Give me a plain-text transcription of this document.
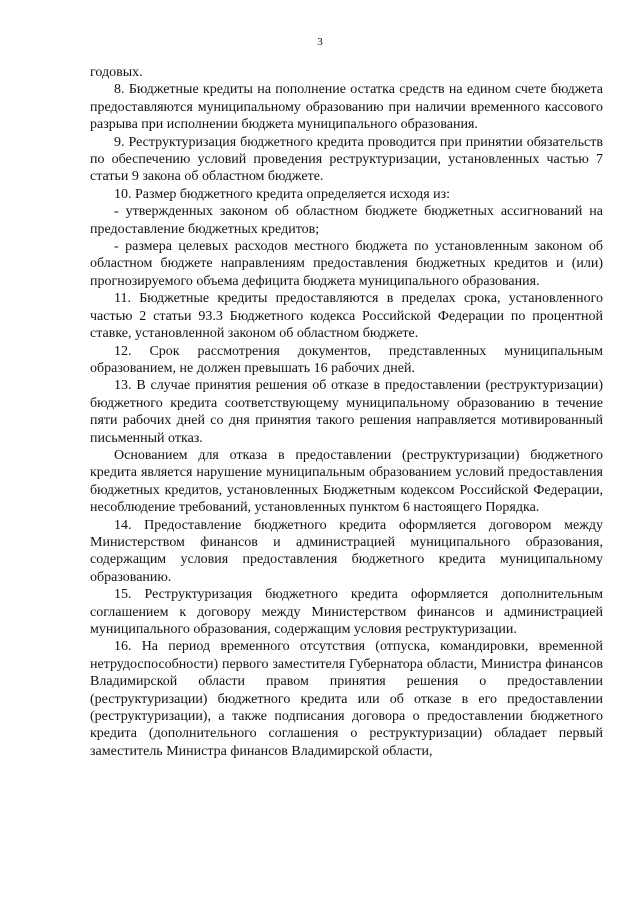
3

годовых.

8. Бюджетные кредиты на пополнение остатка средств на едином счете бюджета предоставляются муниципальному образованию при наличии временного кассового разрыва при исполнении бюджета муниципального образования.

9. Реструктуризация бюджетного кредита проводится при принятии обязательств по обеспечению условий проведения реструктуризации, установленных частью 7 статьи 9 закона об областном бюджете.

10. Размер бюджетного кредита определяется исходя из:

- утвержденных законом об областном бюджете бюджетных ассигнований на предоставление бюджетных кредитов;

- размера целевых расходов местного бюджета по установленным законом об областном бюджете направлениям предоставления бюджетных кредитов и (или) прогнозируемого объема дефицита бюджета муниципального образования.

11. Бюджетные кредиты предоставляются в пределах срока, установленного частью 2 статьи 93.3 Бюджетного кодекса Российской Федерации по процентной ставке, установленной законом об областном бюджете.

12. Срок рассмотрения документов, представленных муниципальным образованием, не должен превышать 16 рабочих дней.

13. В случае принятия решения об отказе в предоставлении (реструктуризации) бюджетного кредита соответствующему муниципальному образованию в течение пяти рабочих дней со дня принятия такого решения направляется мотивированный письменный отказ.

Основанием для отказа в предоставлении (реструктуризации) бюджетного кредита является нарушение муниципальным образованием условий предоставления бюджетных кредитов, установленных Бюджетным кодексом Российской Федерации, несоблюдение требований, установленных пунктом 6 настоящего Порядка.

14. Предоставление бюджетного кредита оформляется договором между Министерством финансов и администрацией муниципального образования, содержащим условия предоставления бюджетного кредита муниципальному образованию.

15. Реструктуризация бюджетного кредита оформляется дополнительным соглашением к договору между Министерством финансов и администрацией муниципального образования, содержащим условия реструктуризации.

16. На период временного отсутствия (отпуска, командировки, временной нетрудоспособности) первого заместителя Губернатора области, Министра финансов Владимирской области правом принятия решения о предоставлении (реструктуризации) бюджетного кредита или об отказе в его предоставлении (реструктуризации), а также подписания договора о предоставлении бюджетного кредита (дополнительного соглашения о реструктуризации) обладает первый заместитель Министра финансов Владимирской области,
